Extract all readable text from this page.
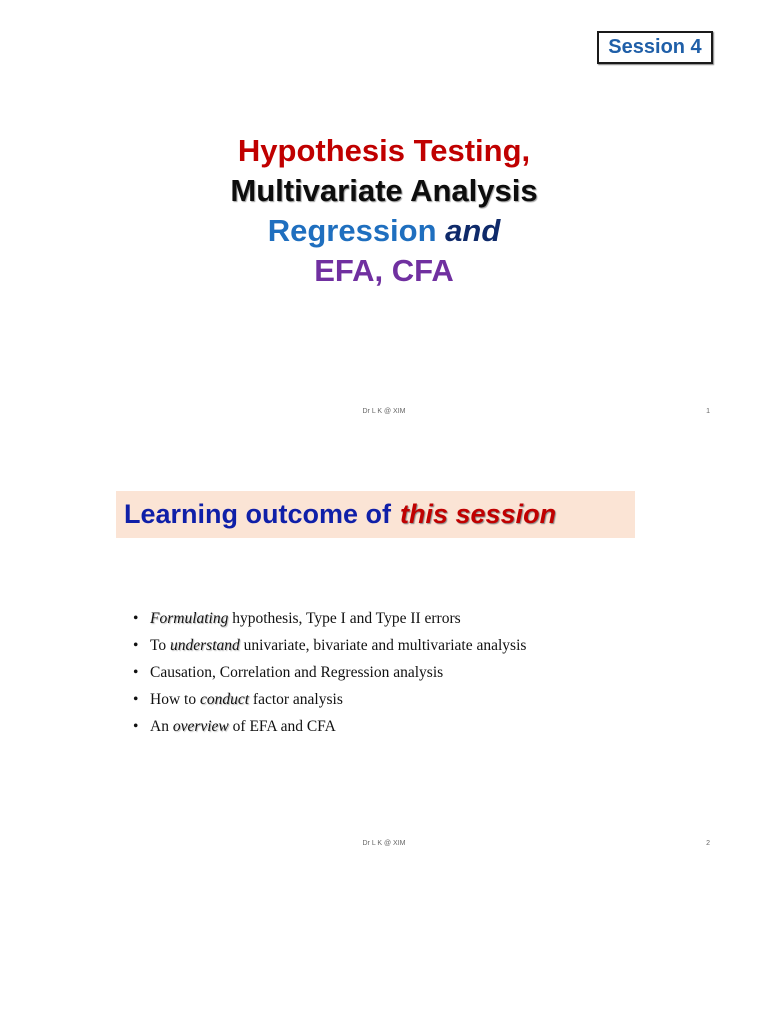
Session 4
Hypothesis Testing,
Multivariate Analysis
Regression and
EFA, CFA
Dr L K @ XIM	1
Learning outcome of this session
• Formulating hypothesis, Type I and Type II errors
• To understand univariate, bivariate and multivariate analysis
• Causation, Correlation and Regression analysis
• How to conduct factor analysis
• An overview of EFA and CFA
Dr L K @ XIM	2
